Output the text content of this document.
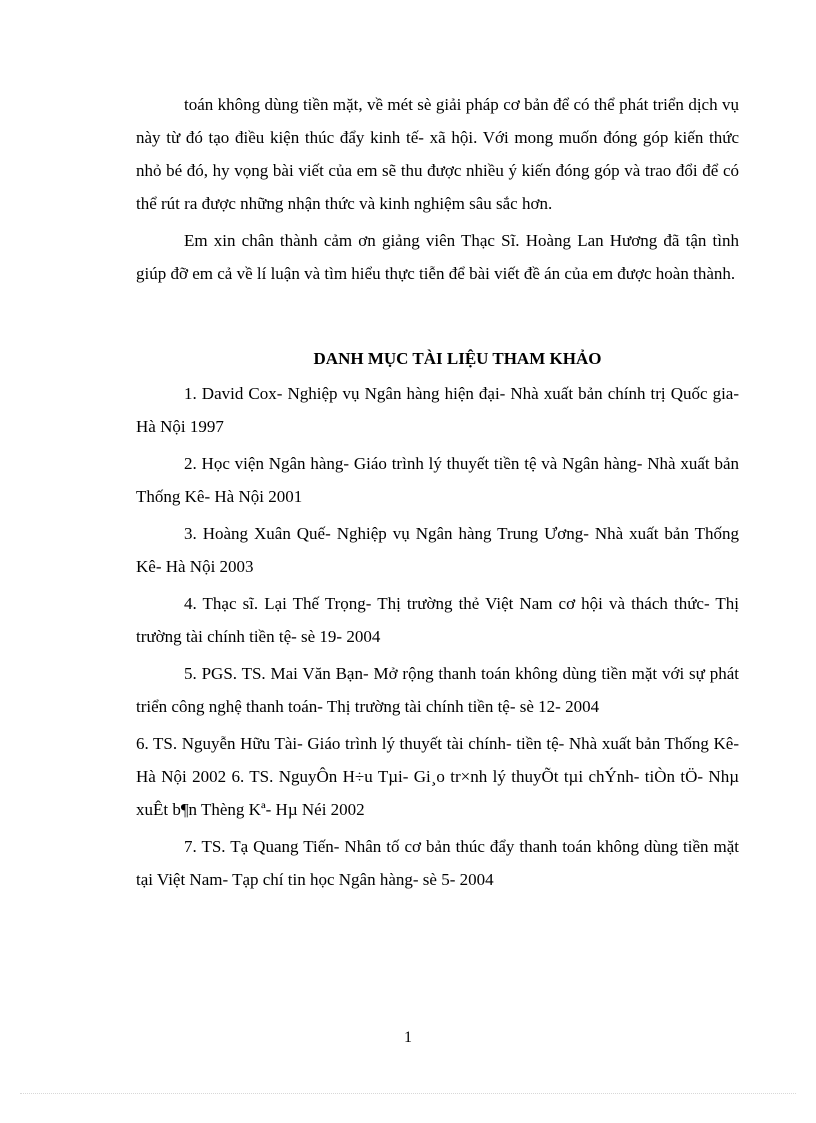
toán không dùng tiền mặt, về mét sè giải pháp cơ bản để có thể phát triển dịch vụ này từ đó tạo điều kiện thúc đẩy kinh tế- xã hội. Với mong muốn đóng góp kiến thức nhỏ bé đó, hy vọng bài viết của em sẽ thu được nhiều ý kiến đóng góp và trao đổi để có thể rút ra được những nhận thức và kinh nghiệm sâu sắc hơn.

Em xin chân thành cảm ơn giảng viên Thạc Sĩ. Hoàng Lan Hương đã tận tình giúp đỡ em cả về lí luận và tìm hiểu thực tiễn để bài viết đề án của em được hoàn thành.

DANH MỤC TÀI LIỆU THAM KHẢO

1. David Cox- Nghiệp vụ Ngân hàng hiện đại- Nhà xuất bản chính trị Quốc gia- Hà Nội 1997

2. Học viện Ngân hàng- Giáo trình lý thuyết tiền tệ và Ngân hàng- Nhà xuất bản Thống Kê- Hà Nội 2001

3. Hoàng Xuân Quế- Nghiệp vụ Ngân hàng Trung Ương- Nhà xuất bản Thống Kê- Hà Nội 2003

4. Thạc sĩ. Lại Thế Trọng- Thị trường thẻ Việt Nam cơ hội và thách thức- Thị trường tài chính tiền tệ- sè 19- 2004

5. PGS. TS. Mai Văn Bạn- Mở rộng thanh toán không dùng tiền mặt với sự phát triển công nghệ thanh toán- Thị trường tài chính tiền tệ- sè 12- 2004

6. TS. Nguyễn Hữu Tài- Giáo trình lý thuyết tài chính- tiền tệ- Nhà xuất bản Thống Kê- Hà Nội 2002 6. TS. NguyÔn H÷u Tµi- Gi¸o tr×nh lý thuyÕt tµi chÝnh- tiÒn tÖ- Nhµ xuÊt b¶n Thèng Kª- Hµ Néi 2002

7. TS. Tạ Quang Tiến- Nhân tố cơ bản thúc đẩy thanh toán không dùng tiền mặt tại Việt Nam- Tạp chí tin học Ngân hàng- sè 5- 2004

1
